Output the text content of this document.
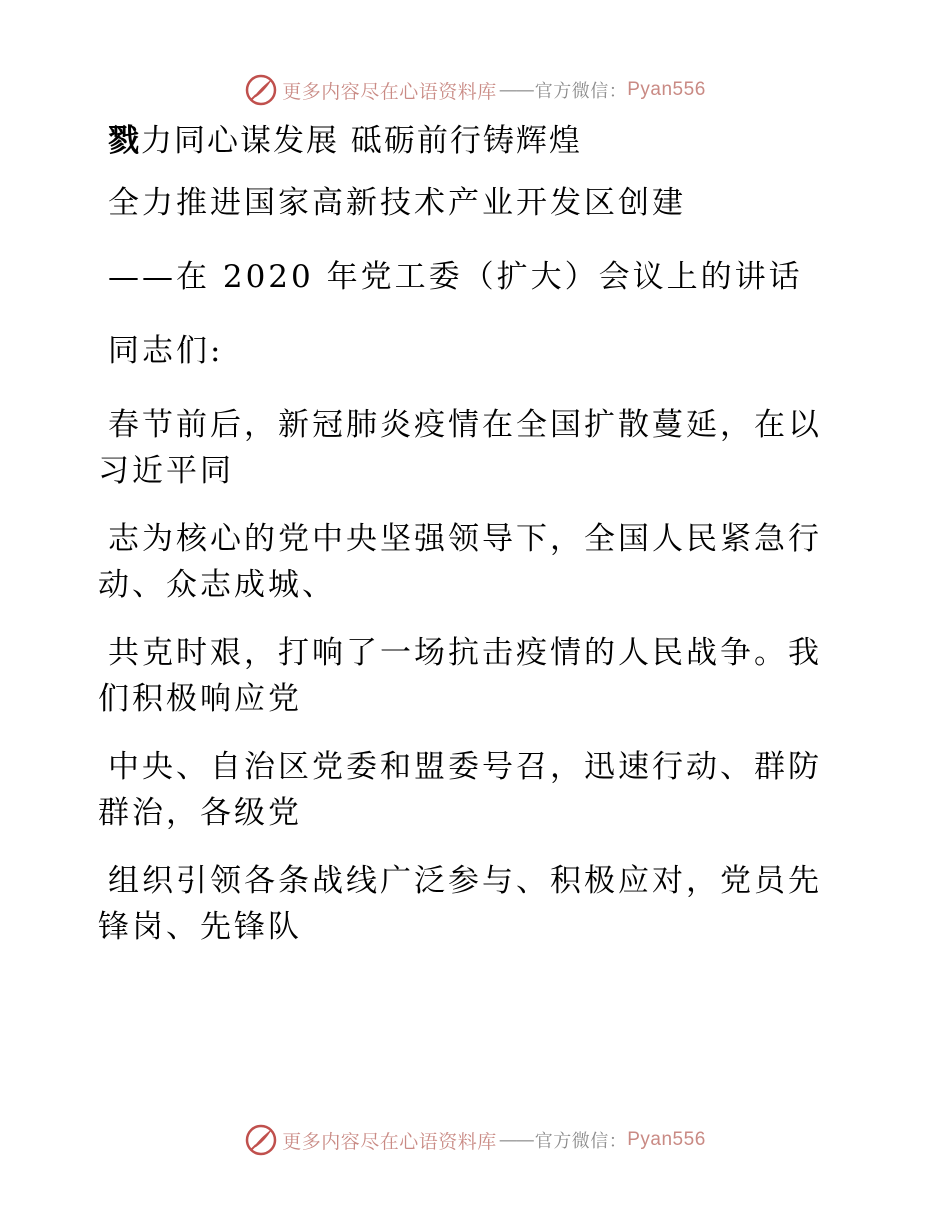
更多内容尽在心语资料库 —— 官方微信： Pyan556

戮力同心谋发展 砥砺前行铸辉煌

全力推进国家高新技术产业开发区创建

——在 2020 年党工委（扩大）会议上的讲话

同志们:

春节前后，新冠肺炎疫情在全国扩散蔓延，在以

习近平同

志为核心的党中央坚强领导下，全国人民紧急行

动、众志成城、

共克时艰，打响了一场抗击疫情的人民战争。我

们积极响应党

中央、自治区党委和盟委号召，迅速行动、群防

群治，各级党

组织引领各条战线广泛参与、积极应对，党员先

锋岗、先锋队

更多内容尽在心语资料库 —— 官方微信： Pyan556
